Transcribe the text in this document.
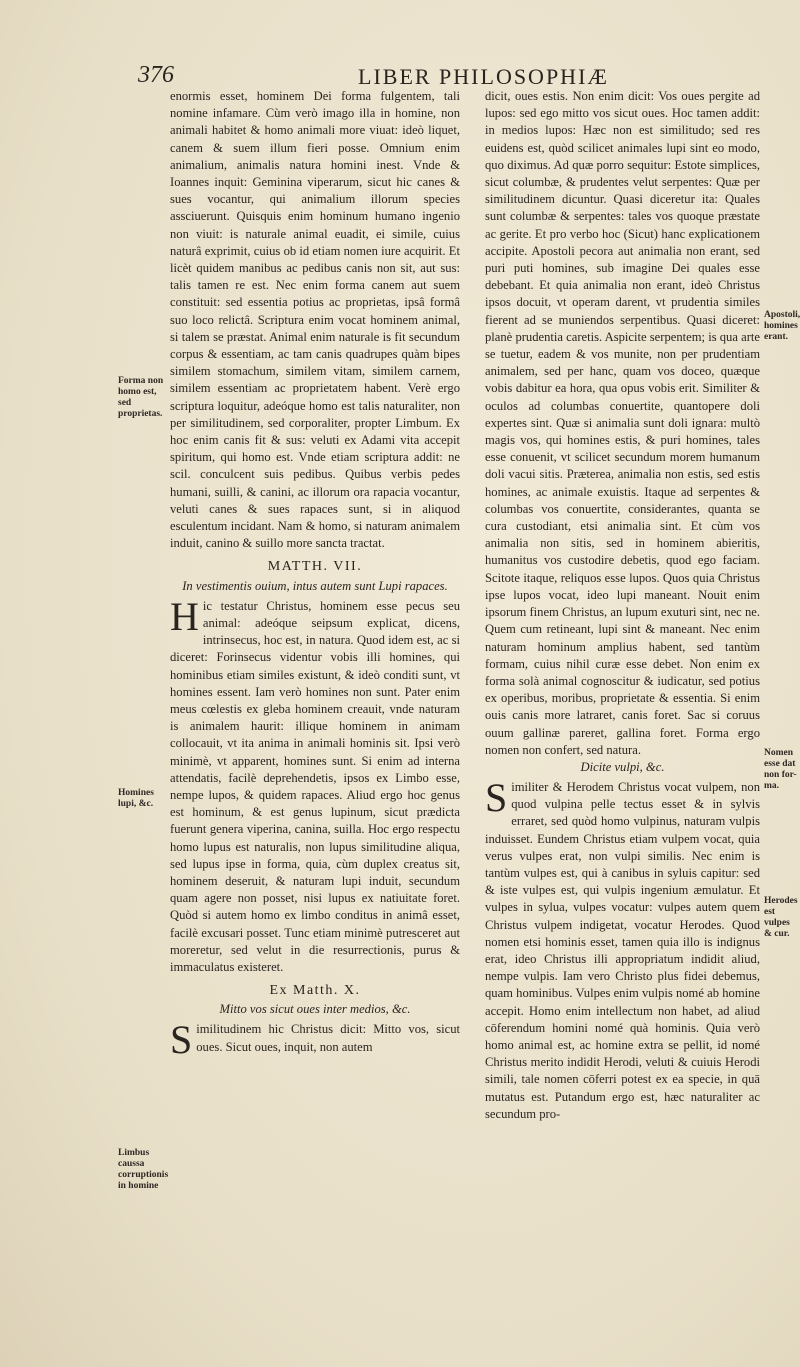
376	LIBER PHILOSOPHIÆ

enormis esset, hominem Dei forma fulgentem, tali nomine infamare. Cùm verò imago illa in homine, non animali habitet & homo animali more viuat: ideò liquet, canem & suem illum fieri posse. Omnium enim animalium, animalis natura homini inest. Vnde & Ioannes inquit: Geminina viperarum, sicut hic canes & sues vocantur, qui animalium illorum species assciuerunt. Quisquis enim hominum humano ingenio non viuit: is naturale animal euadit, ei simile, cuius naturâ exprimit, cuius ob id etiam nomen iure acquirit. Et licèt quidem manibus ac pedibus canis non sit, aut sus: talis tamen re est. Nec enim forma canem aut suem constituit: sed essentia potius ac proprietas, ipsâ formâ suo loco relictâ. Scriptura enim vocat hominem animal, si talem se præstat. Animal enim naturale is fit secundum corpus & essentiam, ac tam canis quadrupes quàm bipes similem stomachum, similem vitam, similem carnem, similem essentiam ac proprietatem habent. Verè ergo scriptura loquitur, adeóque homo est talis naturaliter, non per similitudinem, sed corporaliter, propter Limbum. Ex hoc enim canis fit & sus: veluti ex Adami vita accepit spiritum, qui homo est. Vnde etiam scriptura addit: ne scil. conculcent suis pedibus. Quibus verbis pedes humani, suilli, & canini, ac illorum ora rapacia vocantur, veluti canes & sues rapaces sunt, si in aliquod esculentum incidant. Nam & homo, si naturam animalem induit, canino & suillo more sancta tractat.

MATTH. VII.
In vestimentis ouium, intus autem sunt Lupi rapaces.

Hic testatur Christus, hominem esse pecus seu animal: adeóque seipsum explicat, dicens, intrinsecus, hoc est, in natura. Quod idem est, ac si diceret: Forinsecus videntur vobis illi homines, qui hominibus etiam similes existunt, & ideò conditi sunt, vt homines essent. Iam verò homines non sunt. Pater enim meus cœlestis ex gleba hominem creauit, vnde naturam is animalem haurit: illique hominem in animam collocauit, vt ita anima in animali hominis sit. Ipsi verò minimè, vt apparent, homines sunt. Si enim ad interna attendatis, facilè deprehendetis, ipsos ex Limbo esse, nempe lupos, & quidem rapaces. Aliud ergo hoc genus est hominum, & est genus lupinum, sicut prædicta fuerunt genera viperina, canina, suilla. Hoc ergo respectu homo lupus est naturalis, non lupus similitudine aliqua, sed lupus ipse in forma, quia, cùm duplex creatus sit, hominem deseruit, & naturam lupi induit, secundum quam agere non posset, nisi lupus ex natiuitate foret. Quòd si autem homo ex limbo conditus in animâ esset, facilè excusari posset. Tunc etiam minimè putresceret aut moreretur, sed velut in die resurrectionis, purus & immaculatus existeret.

Ex Matth. X.
Mitto vos sicut oues inter medios, &c.

Similitudinem hic Christus dicit: Mitto vos, sicut oues. Sicut oues, inquit, non autem

dicit, oues estis. Non enim dicit: Vos oues pergite ad lupos: sed ego mitto vos sicut oues. Hoc tamen addit: in medios lupos: Hæc non est similitudo; sed res euidens est, quòd scilicet animales lupi sint eo modo, quo diximus. Ad quæ porro sequitur: Estote simplices, sicut columbæ, & prudentes velut serpentes: Quæ per similitudinem dicuntur. Quasi diceretur ita: Quales sunt columbæ & serpentes: tales vos quoque præstate ac gerite. Et pro verbo hoc (Sicut) hanc explicationem accipite. Apostoli pecora aut animalia non erant, sed puri puti homines, sub imagine Dei quales esse debebant. Et quia animalia non erant, ideò Christus ipsos docuit, vt operam darent, vt prudentia similes fierent ad se muniendos serpentibus. Quasi diceret: planè prudentia caretis. Aspicite serpentem; is qua arte se tuetur, eadem & vos munite, non per prudentiam animalem, sed per hanc, quam vos doceo, quæque vobis dabitur ea hora, qua opus vobis erit. Similiter & oculos ad columbas conuertite, quantopere doli expertes sint. Quæ si animalia sunt doli ignara: multò magis vos, qui homines estis, & puri homines, tales esse conuenit, vt scilicet secundum morem humanum doli vacui sitis. Præterea, animalia non estis, sed estis homines, ac animale exuistis. Itaque ad serpentes & columbas vos conuertite, considerantes, quanta se cura custodiant, etsi animalia sint. Et cùm vos animalia non sitis, sed in hominem abieritis, humanitus vos custodire debetis, quod ego faciam. Scitote itaque, reliquos esse lupos. Quos quia Christus ipse lupos vocat, ideo lupi maneant. Nouit enim ipsorum finem Christus, an lupum exuturi sint, nec ne. Quem cum retineant, lupi sint & maneant. Nec enim naturam hominum amplius habent, sed tantùm formam, cuius nihil curæ esse debet. Non enim ex forma solà animal cognoscitur & iudicatur, sed potius ex operibus, moribus, proprietate & essentia. Si enim ouis canis more latraret, canis foret. Sac si coruus ouum gallinæ pareret, gallina foret. Forma ergo nomen non confert, sed natura.

Dicite vulpi, &c.

Similiter & Herodem Christus vocat vulpem, non quod vulpina pelle tectus esset & in sylvis erraret, sed quòd homo vulpinus, naturam vulpis induisset. Eundem Christus etiam vulpem vocat, quia verus vulpes erat, non vulpi similis. Nec enim is tantùm vulpes est, qui à canibus in syluis capitur: sed & iste vulpes est, qui vulpis ingenium æmulatur. Et vulpes in sylua, vulpes vocatur: vulpes autem quem Christus vulpem indigetat, vocatur Herodes. Quod nomen etsi hominis esset, tamen quia illo is indignus erat, ideo Christus illi appropriatum indidit aliud, nempe vulpis. Iam vero Christo plus fidei debemus, quam hominibus. Vulpes enim vulpis nomé ab homine accepit. Homo enim intellectum non habet, ad aliud cōferendum homini nomé quà hominis. Quia verò homo animal est, ac homine extra se pellit, id nomé Christus merito indidit Herodi, veluti & cuiuis Herodi simili, tale nomen cōferri potest ex ea specie, in quā mutatus est. Putandum ergo est, hæc naturaliter ac secundum pro-

Forma non homo est, sed proprietas.
Homines lupi, &c.
Limbus caussa corruptionis in homine
Apostoli, homines erant.
Nomen esse dat non for- ma.
Herodes est vulpes & cur.
